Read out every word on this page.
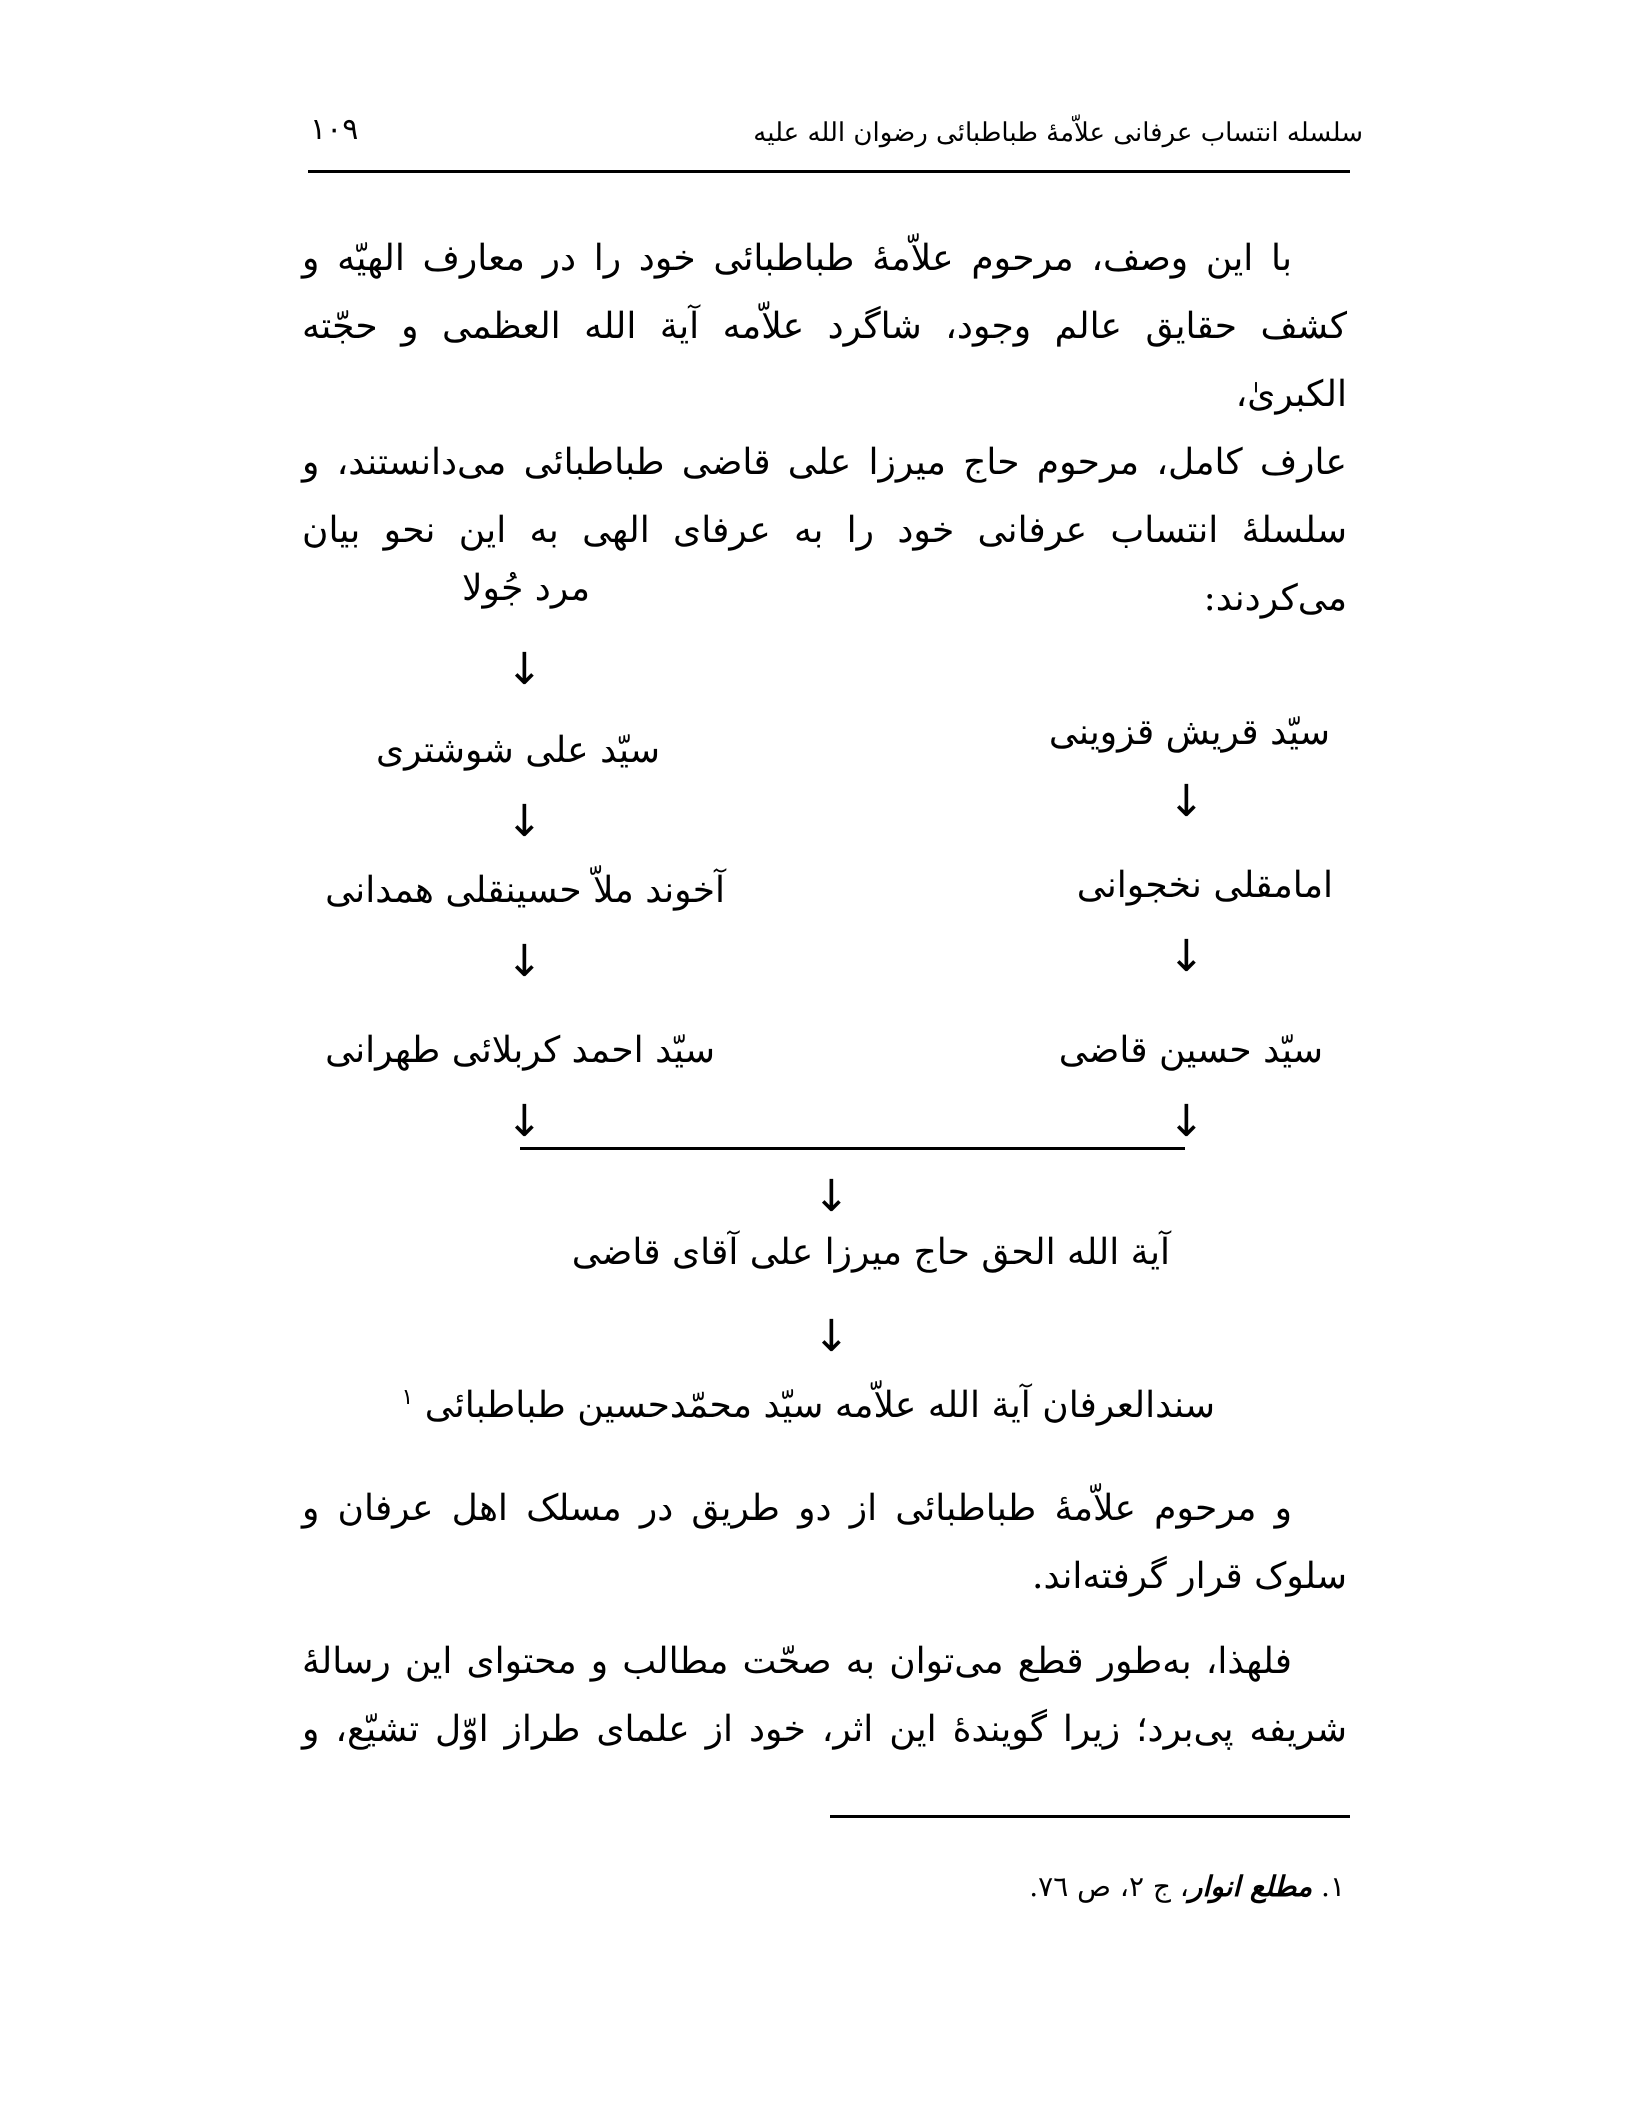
سلسله انتساب عرفانی علاّمهٔ طباطبائی رضوان الله علیه
۱۰۹
با این وصف، مرحوم علاّمهٔ طباطبائی خود را در معارف الهیّه و
کشف حقایق عالم وجود، شاگرد علاّمه آیة الله العظمی و حجّته الکبریٰ،
عارف کامل، مرحوم حاج میرزا علی قاضی طباطبائی می‌دانستند، و
سلسلهٔ انتساب عرفانی خود را به عرفای الهی به این نحو بیان می‌کردند:
مرد جُولا
↓
سیّد علی شوشتری
↓
آخوند ملاّ حسینقلی همدانی
↓
سیّد احمد کربلائی طهرانی
↓
سیّد قریش قزوینی
↓
امامقلی نخجوانی
↓
سیّد حسین قاضی
↓
↓
آیة الله الحق حاج میرزا علی آقای قاضی
↓
سندالعرفان آیة الله علاّمه سیّد محمّدحسین طباطبائی $^۱$
و مرحوم علاّمهٔ طباطبائی از دو طریق در مسلک اهل عرفان و
سلوک قرار گرفته‌اند.
فلهذا، به‌طور قطع می‌توان به صحّت مطالب و محتوای این رسالهٔ
شریفه پی‌برد؛ زیرا گویندهٔ این اثر، خود از علمای طراز اوّل تشیّع، و
۱. مطلع انوار، ج ۲، ص ۷٦.
